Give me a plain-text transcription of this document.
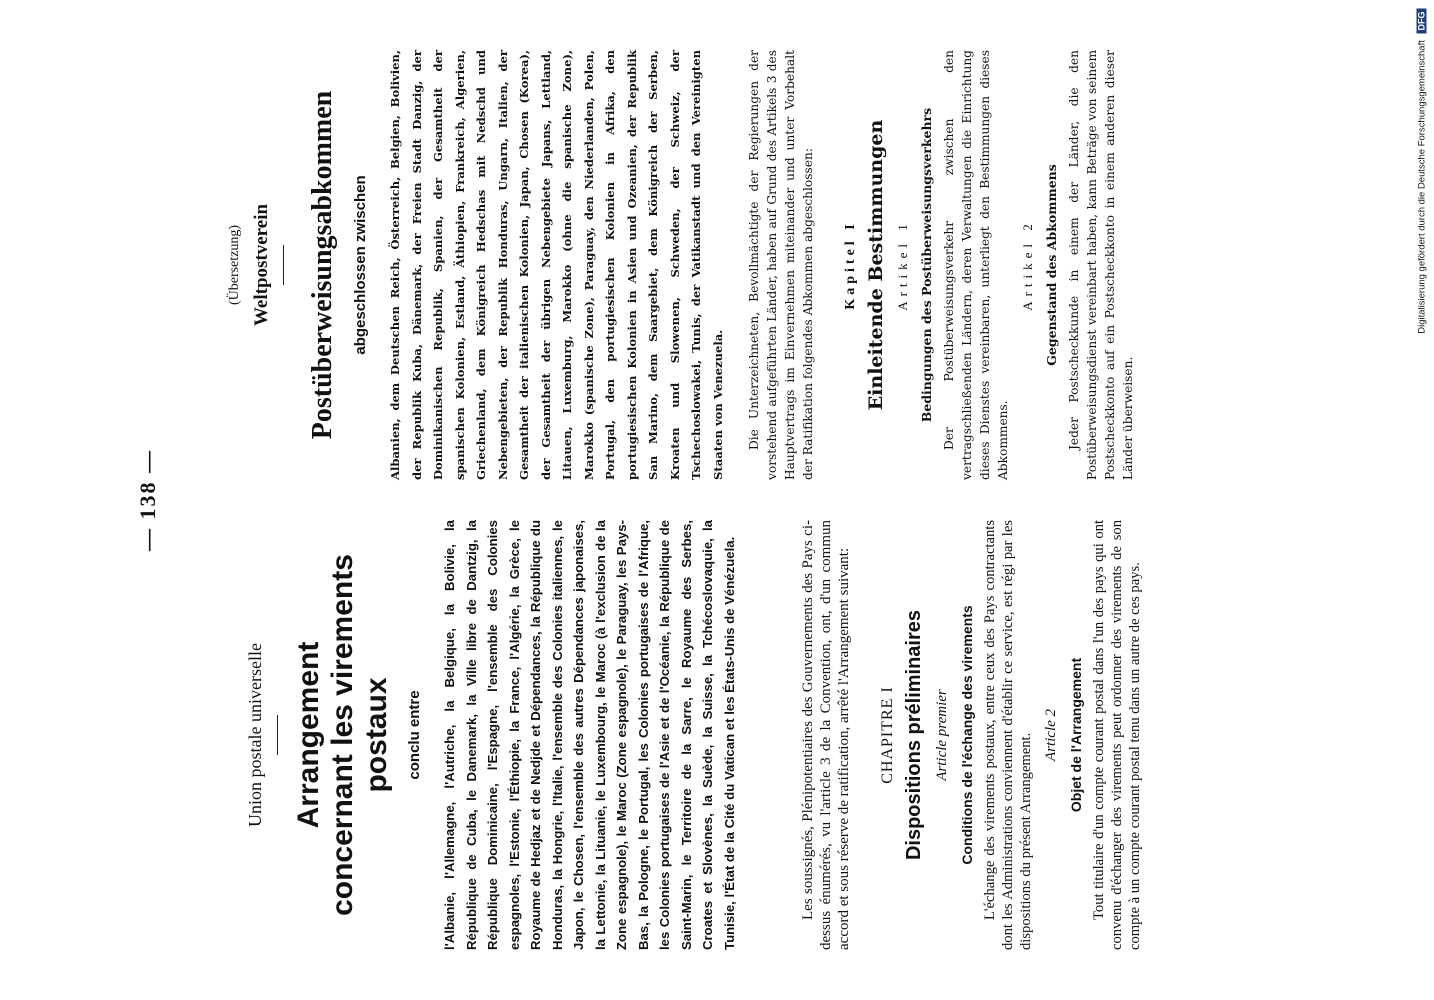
— 138 —
Union postale universelle Arrangement concernant les virements postaux conclu entre l'Albanie, l'Allemagne, l'Autriche, la Belgique, la Bolivie, la République de Cuba, le Danemark, la Ville libre de Dantzig, la République Dominicaine, l'Espagne, l'ensemble des Colonies espagnoles, l'Estonie, l'Éthiopie, la France, l'Algérie, la Grèce, le Royaume de Hedjaz et de Nedjde et Dépendances, la République du Honduras, la Hongrie, l'Italie, l'ensemble des Colonies italiennes, le Japon, le Chosen, l'ensemble des autres Dépendances japonaises, la Lettonie, la Lituanie, le Luxembourg, le Maroc (à l'exclusion de la Zone espagnole), le Maroc (Zone espagnole), le Paraguay, les Pays-Bas, la Pologne, le Portugal, les Colonies portugaises de l'Afrique, les Colonies portugaises de l'Asie et de l'Océanie, la République de Saint-Marin, le Territoire de la Sarre, le Royaume des Serbes, Croates et Slovènes, la Suède, la Suisse, la Tchécoslovaquie, la Tunisie, l'État de la Cité du Vatican et les États-Unis de Vénézuela.	Les soussignés, Plénipotentiaires des Gouvernements des Pays ci-dessus énumérés, vu l'article 3 de la Convention, ont, d'un commun accord et sous réserve de ratification, arrêté l'Arrangement suivant: CHAPITRE I Dispositions préliminaires Article premier Conditions de l'échange des virements L'échange des virements postaux, entre ceux des Pays contractants dont les Administrations conviennent d'établir ce service, est régi par les dispositions du présent Arrangement. Article 2 Objet de l'Arrangement Tout titulaire d'un compte courant postal dans l'un des pays qui ont convenu d'échanger des virements peut ordonner des virements de son compte à un compte courant postal tenu dans un autre de ces pays.
(Übersetzung) Weltpostverein Postüberweisungsabkommen abgeschlossen zwischen Albanien, dem Deutschen Reich, Österreich, Belgien, Bolivien, der Republik Kuba, Dänemark, der Freien Stadt Danzig, der Dominikanischen Republik, Spanien, der Gesamtheit der spanischen Kolonien, Estland, Äthiopien, Frankreich, Algerien, Griechenland, dem Königreich Hedschas mit Nedschd und Nebengebieten, der Republik Honduras, Ungarn, Italien, der Gesamtheit der italienischen Kolonien, Japan, Chosen (Korea), der Gesamtheit der übrigen Nebengebiete Japans, Lettland, Litauen, Luxemburg, Marokko (ohne die spanische Zone), Marokko (spanische Zone), Paraguay, den Niederlanden, Polen, Portugal, den portugiesischen Kolonien in Afrika, den portugiesischen Kolonien in Asien und Ozeanien, der Republik San Marino, dem Saargebiet, dem Königreich der Serben, Kroaten und Slowenen, Schweden, der Schweiz, der Tschechoslowakei, Tunis, der Vatikanstadt und den Vereinigten Staaten von Venezuela. Die Unterzeichneten, Bevollmächtigte der Regierungen der vorstehend aufgeführten Länder, haben auf Grund des Artikels 3 des Hauptvertrags im Einvernehmen miteinander und unter Vorbehalt der Ratifikation folgendes Abkommen abgeschlossen: Kapitel I Einleitende Bestimmungen Artikel 1 Bedingungen des Postüberweisungsverkehrs Der Postüberweisungsverkehr zwischen den vertragschließenden Ländern, deren Verwaltungen die Einrichtung dieses Dienstes vereinbaren, unterliegt den Bestimmungen dieses Abkommens.
Artikel 2 Gegenstand des Abkommens Jeder Postscheckkunde in einem der Länder, die den Postüberweisungsdienst vereinbart haben, kann Beträge von seinem Postscheckkonto auf ein Postscheckkonto in einem anderen dieser Länder überweisen.
Digitalisierung gefördert durch die Deutsche Forschungsgemeinschaft DFG
